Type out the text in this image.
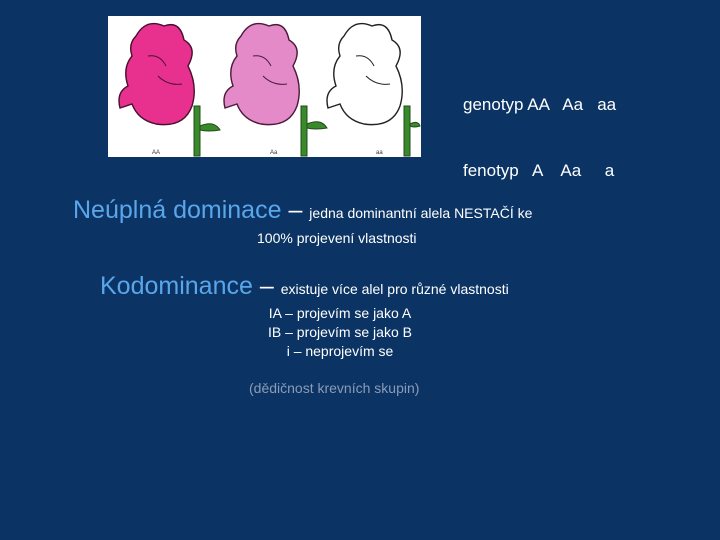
AA	Aa	aa

genotyp AA   Aa   aa

fenotyp   A    Aa     a

Neúplná dominace – jedna dominantní alela NESTAČÍ ke
100% projevení vlastnosti
Kodominance – existuje více alel pro různé vlastnosti
IA – projevím se jako A
IB – projevím se jako B
i – neprojevím se
(dědičnost krevních skupin)
